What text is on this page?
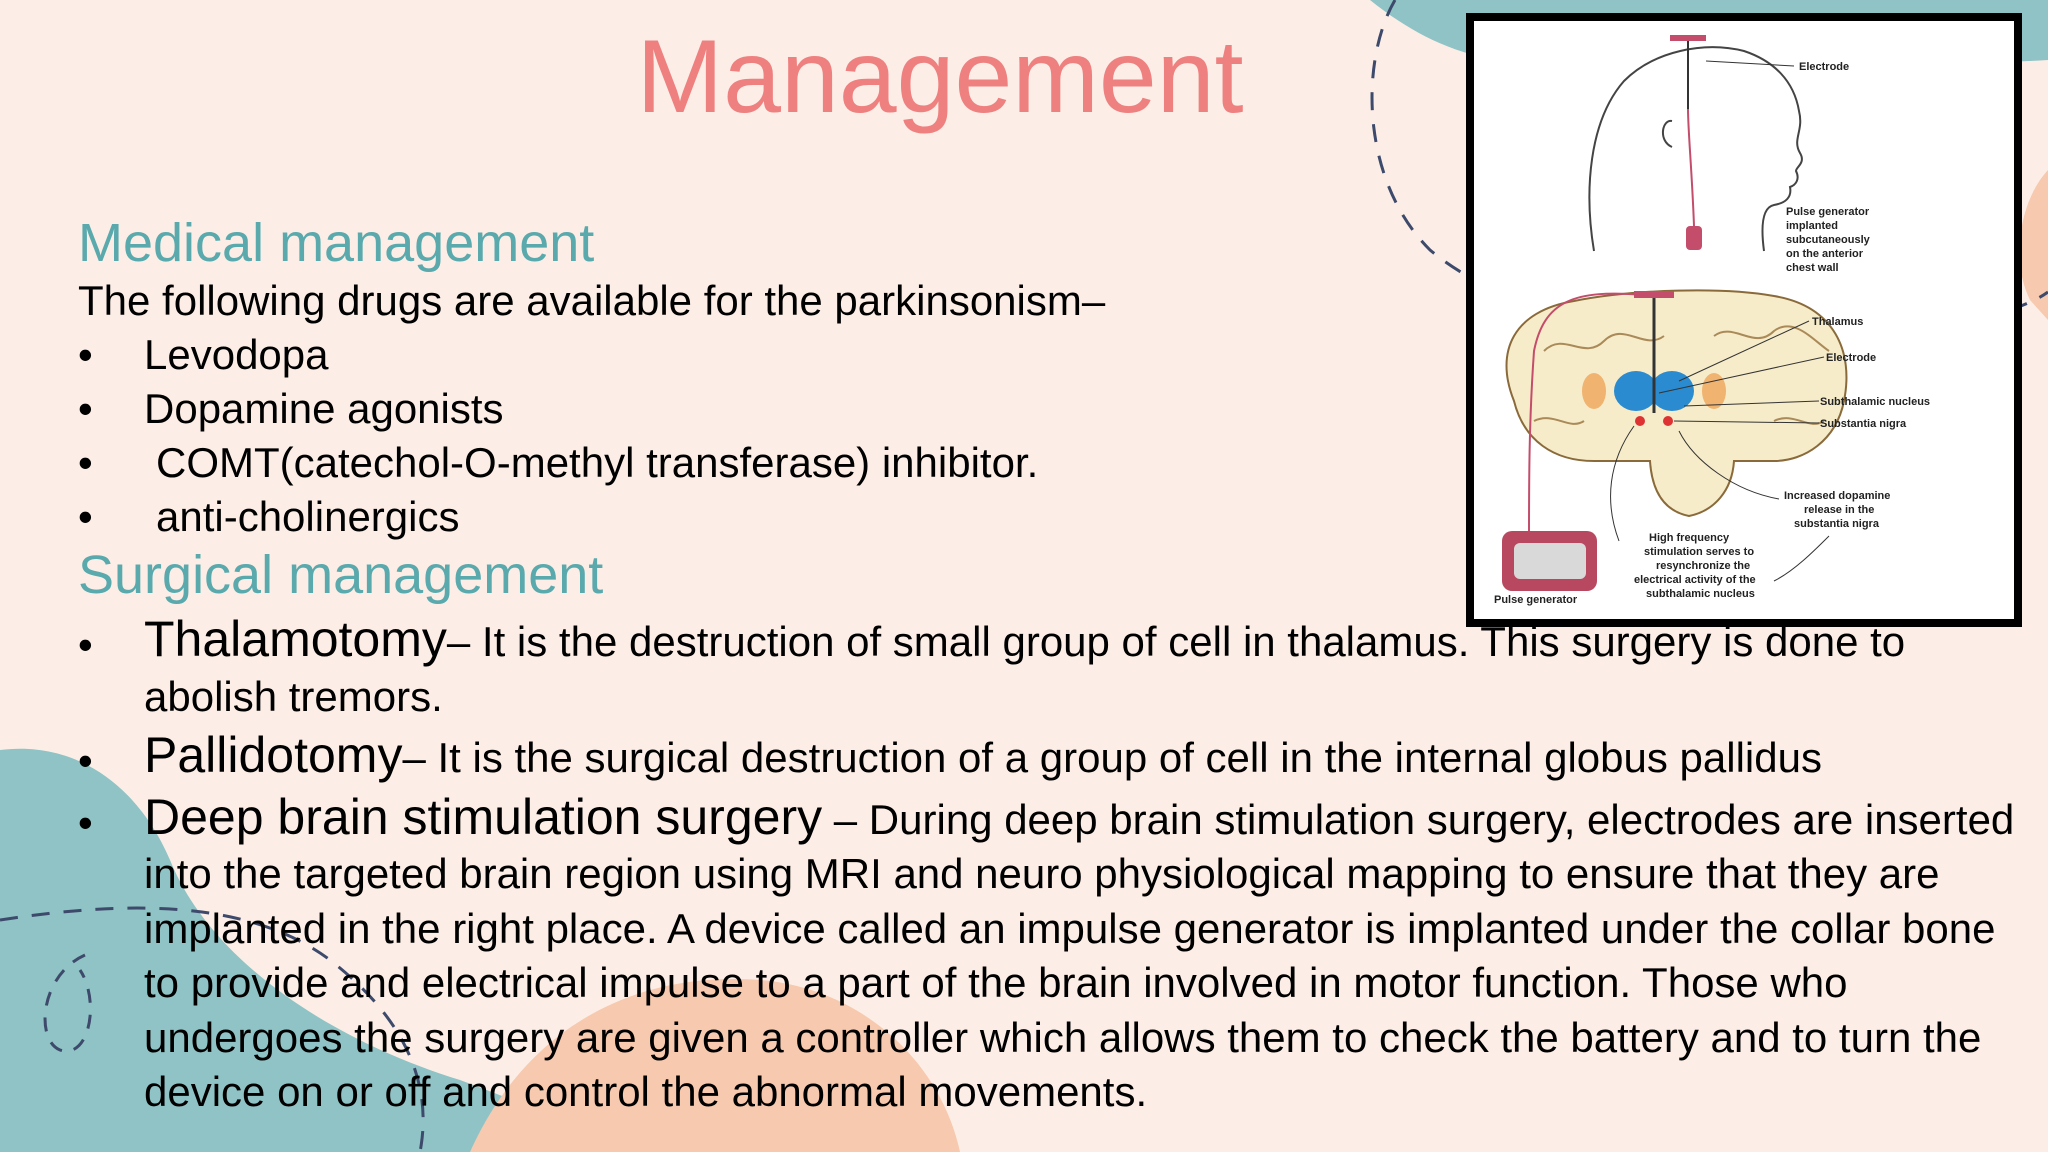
Management	Electrode
Pulse generator
implanted
subcutaneously
on the anterior
chest wall
Thalamus
Electrode
Subthalamic nucleus
Substantia nigra
Increased dopamine
release in the
substantia nigra
High frequency
stimulation serves to
resynchronize the
electrical activity of the
subthalamic nucleus
Pulse generator
Medical management

The following drugs are available for the parkinsonism–

• Levodopa
• Dopamine agonists
• COMT(catechol-O-methyl transferase) inhibitor.
• anti-cholinergics
Surgical management
• Thalamotomy– It is the destruction of small group of cell in thalamus. This surgery is done to abolish tremors.
• Pallidotomy– It is the surgical destruction of a group of cell in the internal globus pallidus
• Deep brain stimulation surgery – During deep brain stimulation surgery, electrodes are inserted into the targeted brain region using MRI and neuro physiological mapping to ensure that they are implanted in the right place. A device called an impulse generator is implanted under the collar bone to provide and electrical impulse to a part of the brain involved in motor function. Those who undergoes the surgery are given a controller which allows them to check the battery and to turn the device on or off and control the abnormal movements.
